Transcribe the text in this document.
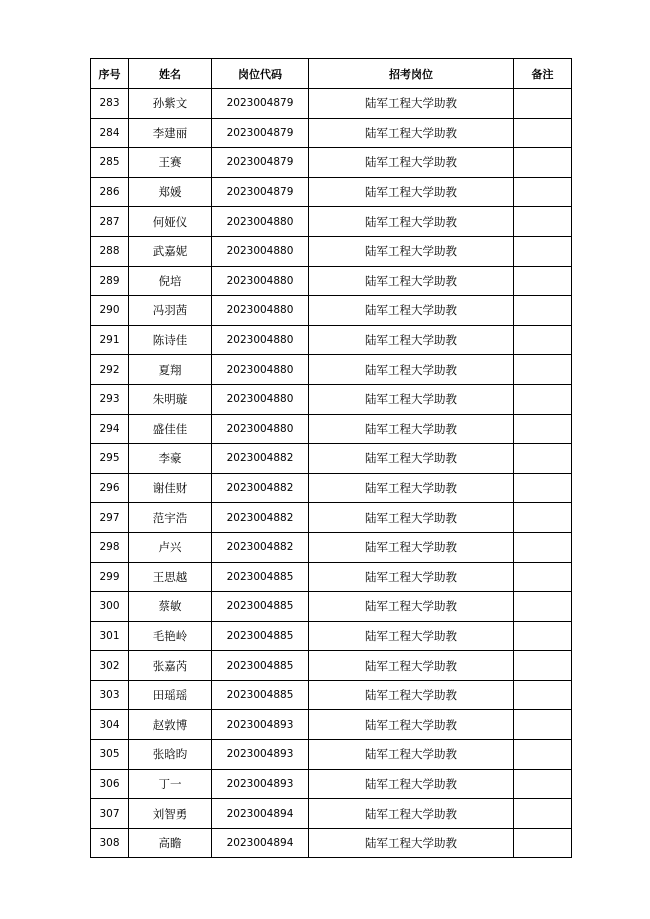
序号	姓名	岗位代码	招考岗位	备注
283	孙紫文	2023004879	陆军工程大学助教	
284	李建丽	2023004879	陆军工程大学助教	
285	王赛	2023004879	陆军工程大学助教	
286	郑媛	2023004879	陆军工程大学助教	
287	何娅仪	2023004880	陆军工程大学助教	
288	武嘉妮	2023004880	陆军工程大学助教	
289	倪培	2023004880	陆军工程大学助教	
290	冯羽茜	2023004880	陆军工程大学助教	
291	陈诗佳	2023004880	陆军工程大学助教	
292	夏翔	2023004880	陆军工程大学助教	
293	朱明璇	2023004880	陆军工程大学助教	
294	盛佳佳	2023004880	陆军工程大学助教	
295	李豪	2023004882	陆军工程大学助教	
296	谢佳财	2023004882	陆军工程大学助教	
297	范宇浩	2023004882	陆军工程大学助教	
298	卢兴	2023004882	陆军工程大学助教	
299	王思越	2023004885	陆军工程大学助教	
300	蔡敏	2023004885	陆军工程大学助教	
301	毛艳岭	2023004885	陆军工程大学助教	
302	张嘉芮	2023004885	陆军工程大学助教	
303	田瑶瑶	2023004885	陆军工程大学助教	
304	赵敦博	2023004893	陆军工程大学助教	
305	张晗昀	2023004893	陆军工程大学助教	
306	丁一	2023004893	陆军工程大学助教	
307	刘智勇	2023004894	陆军工程大学助教	
308	高瞻	2023004894	陆军工程大学助教	
